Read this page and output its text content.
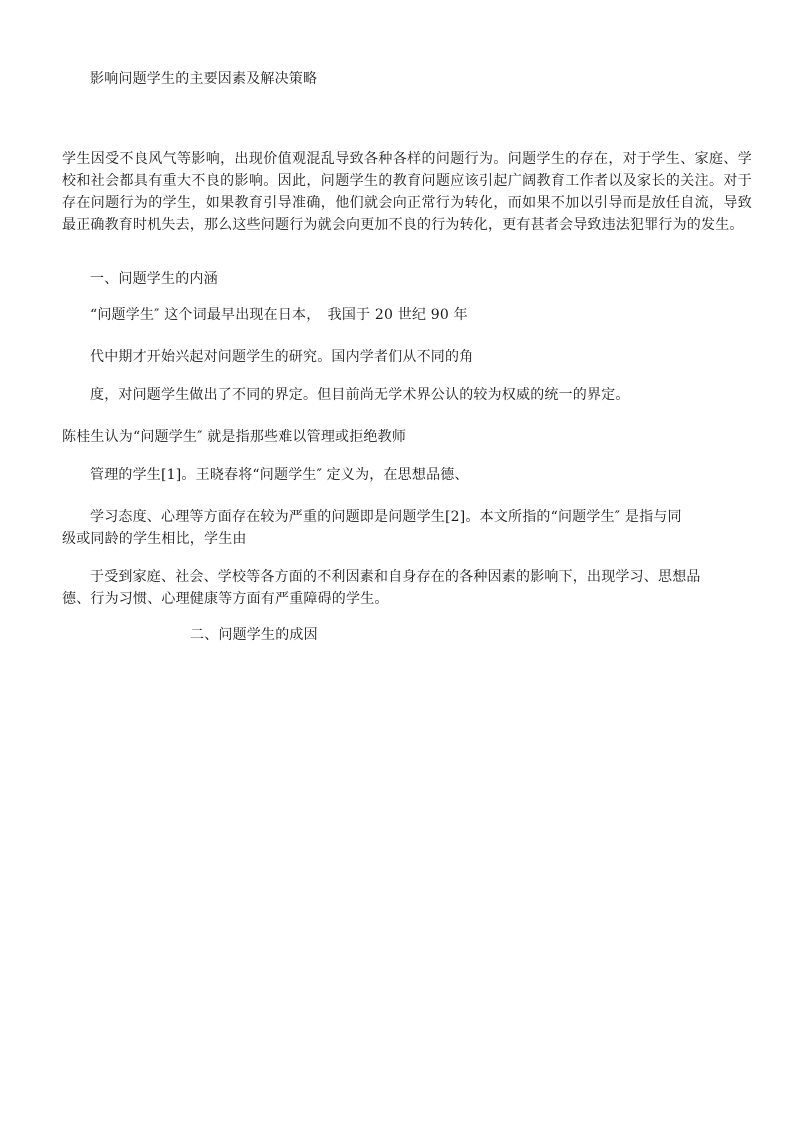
影响问题学生的主要因素及解决策略

学生因受不良风气等影响，出现价值观混乱导致各种各样的问题行为。问题学生的存在，对于学生、家庭、学校和社会都具有重大不良的影响。因此，问题学生的教育问题应该引起广阔教育工作者以及家长的关注。对于存在问题行为的学生，如果教育引导准确，他们就会向正常行为转化，而如果不加以引导而是放任自流，导致最正确教育时机失去，那么这些问题行为就会向更加不良的行为转化，更有甚者会导致违法犯罪行为的发生。

一、问题学生的内涵

“问题学生″ 这个词最早出现在日本，　我国于 20 世纪 90 年

代中期才开始兴起对问题学生的研究。国内学者们从不同的角

度，对问题学生做出了不同的界定。但目前尚无学术界公认的较为权威的统一的界定。

陈桂生认为“问题学生″ 就是指那些难以管理或拒绝教师

管理的学生[1]。王晓春将“问题学生″ 定义为，在思想品德、

学习态度、心理等方面存在较为严重的问题即是问题学生[2]。本文所指的“问题学生″ 是指与同
级或同龄的学生相比，学生由

于受到家庭、社会、学校等各方面的不利因素和自身存在的各种因素的影响下，出现学习、思想品
德、行为习惯、心理健康等方面有严重障碍的学生。

二、问题学生的成因
